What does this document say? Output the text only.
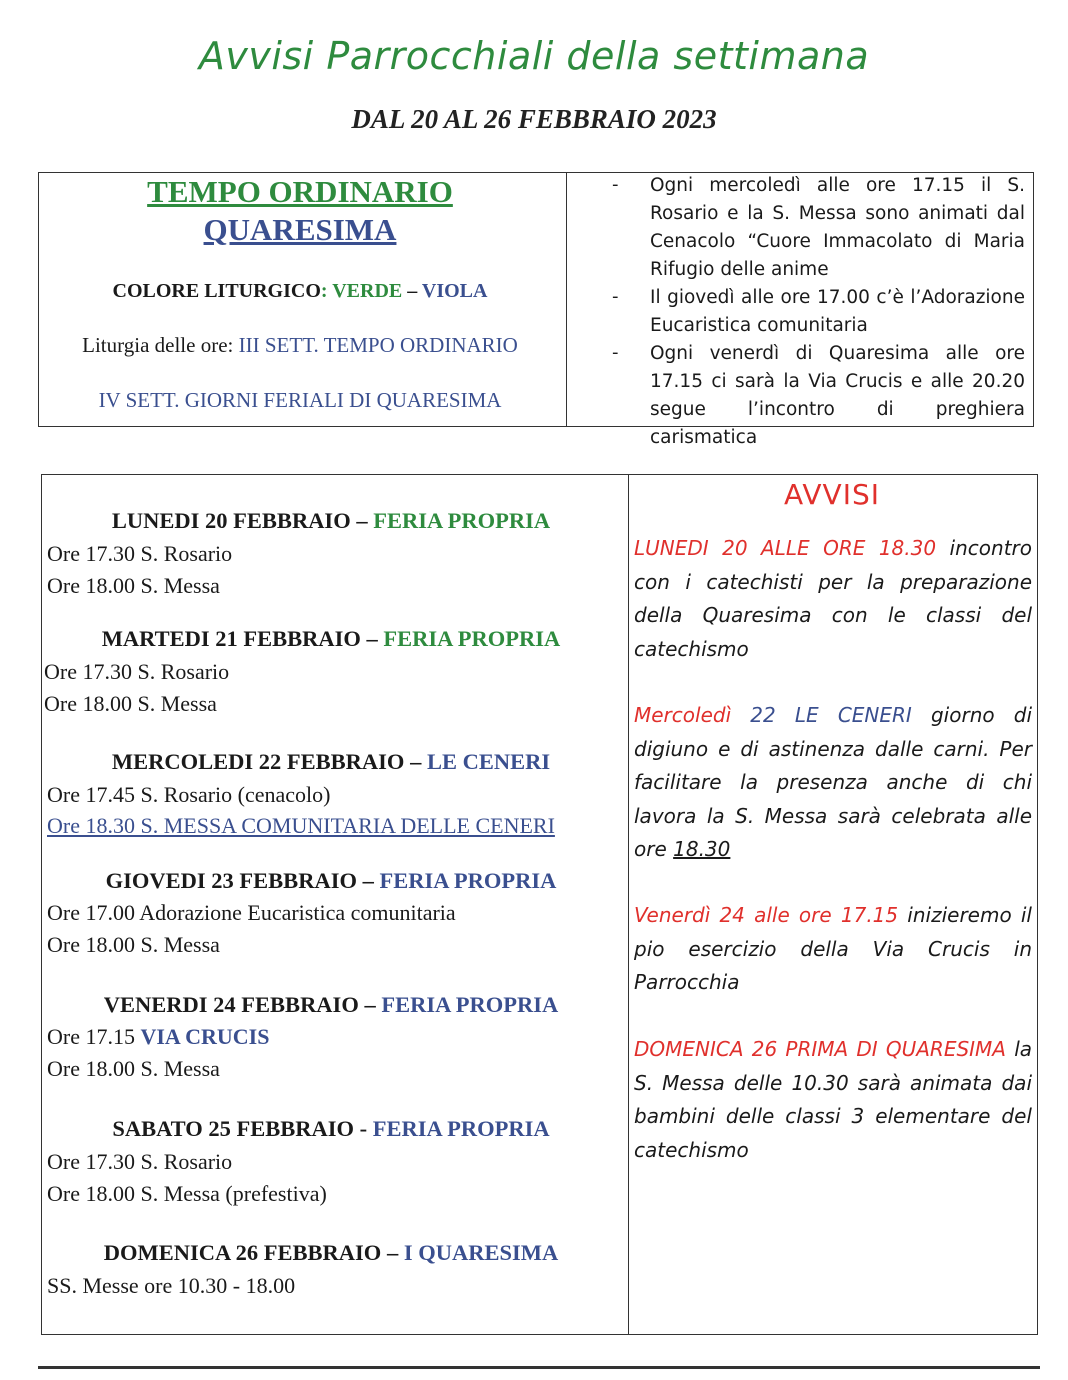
Avvisi Parrocchiali della settimana
DAL 20 AL 26 FEBBRAIO 2023
TEMPO ORDINARIO
QUARESIMA
COLORE LITURGICO: VERDE – VIOLA
Liturgia delle ore: III SETT. TEMPO ORDINARIO
IV SETT. GIORNI FERIALI DI QUARESIMA
- Ogni mercoledì alle ore 17.15 il S. Rosario e la S. Messa sono animati dal Cenacolo “Cuore Immacolato di Maria Rifugio delle anime
- Il giovedì alle ore 17.00 c’è l’Adorazione Eucaristica comunitaria
- Ogni venerdì di Quaresima alle ore 17.15 ci sarà la Via Crucis e alle 20.20 segue l’incontro di preghiera carismatica
LUNEDI 20 FEBBRAIO – FERIA PROPRIA
Ore 17.30 S. Rosario
Ore 18.00 S. Messa
MARTEDI 21 FEBBRAIO – FERIA PROPRIA
Ore 17.30 S. Rosario
Ore 18.00 S. Messa
MERCOLEDI 22 FEBBRAIO – LE CENERI
Ore 17.45 S. Rosario (cenacolo)
Ore 18.30 S. MESSA COMUNITARIA DELLE CENERI
GIOVEDI 23 FEBBRAIO – FERIA PROPRIA
Ore 17.00 Adorazione Eucaristica comunitaria
Ore 18.00 S. Messa
VENERDI 24 FEBBRAIO – FERIA PROPRIA
Ore 17.15 VIA CRUCIS
Ore 18.00 S. Messa
SABATO 25 FEBBRAIO - FERIA PROPRIA
Ore 17.30 S. Rosario
Ore 18.00 S. Messa (prefestiva)
DOMENICA 26 FEBBRAIO – I QUARESIMA
SS. Messe ore 10.30 - 18.00
AVVISI
LUNEDI 20 ALLE ORE 18.30 incontro con i catechisti per la preparazione della Quaresima con le classi del catechismo
Mercoledì 22 LE CENERI giorno di digiuno e di astinenza dalle carni. Per facilitare la presenza anche di chi lavora la S. Messa sarà celebrata alle ore 18.30
Venerdì 24 alle ore 17.15 inizieremo il pio esercizio della Via Crucis in Parrocchia
DOMENICA 26 PRIMA DI QUARESIMA la S. Messa delle 10.30 sarà animata dai bambini delle classi 3 elementare del catechismo
